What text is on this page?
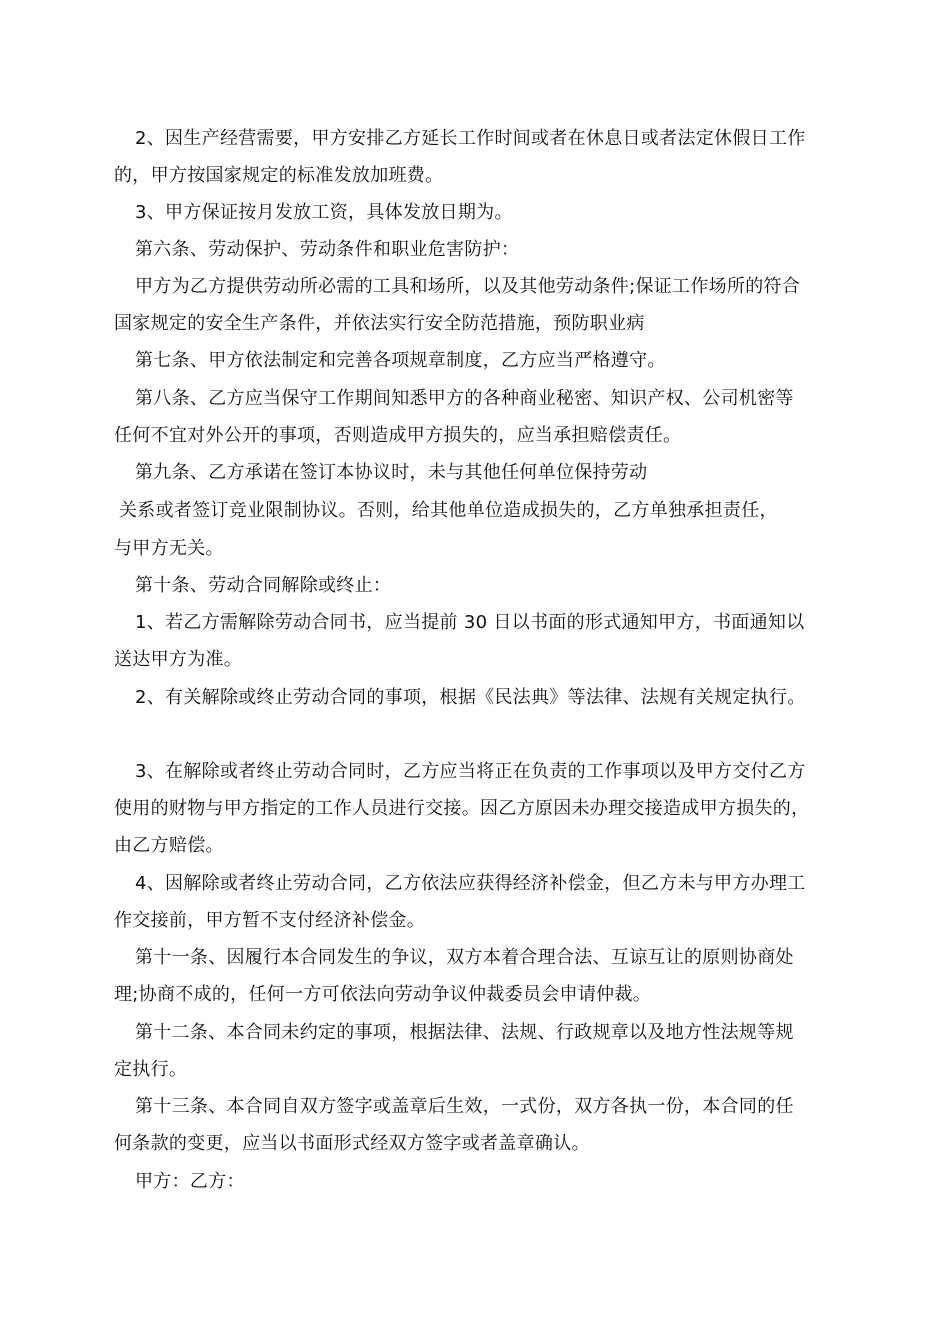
2、因生产经营需要，甲方安排乙方延长工作时间或者在休息日或者法定休假日工作
的，甲方按国家规定的标准发放加班费。
3、甲方保证按月发放工资，具体发放日期为。
第六条、劳动保护、劳动条件和职业危害防护：
甲方为乙方提供劳动所必需的工具和场所，以及其他劳动条件;保证工作场所的符合
国家规定的安全生产条件，并依法实行安全防范措施，预防职业病
第七条、甲方依法制定和完善各项规章制度，乙方应当严格遵守。
第八条、乙方应当保守工作期间知悉甲方的各种商业秘密、知识产权、公司机密等
任何不宜对外公开的事项，否则造成甲方损失的，应当承担赔偿责任。
第九条、乙方承诺在签订本协议时，未与其他任何单位保持劳动
关系或者签订竞业限制协议。否则，给其他单位造成损失的，乙方单独承担责任，
与甲方无关。
第十条、劳动合同解除或终止：
1、若乙方需解除劳动合同书，应当提前 30 日以书面的形式通知甲方，书面通知以
送达甲方为准。
2、有关解除或终止劳动合同的事项，根据《民法典》等法律、法规有关规定执行。
3、在解除或者终止劳动合同时，乙方应当将正在负责的工作事项以及甲方交付乙方
使用的财物与甲方指定的工作人员进行交接。因乙方原因未办理交接造成甲方损失的，
由乙方赔偿。
4、因解除或者终止劳动合同，乙方依法应获得经济补偿金，但乙方未与甲方办理工
作交接前，甲方暂不支付经济补偿金。
第十一条、因履行本合同发生的争议，双方本着合理合法、互谅互让的原则协商处
理;协商不成的，任何一方可依法向劳动争议仲裁委员会申请仲裁。
第十二条、本合同未约定的事项，根据法律、法规、行政规章以及地方性法规等规
定执行。
第十三条、本合同自双方签字或盖章后生效，一式份，双方各执一份，本合同的任
何条款的变更，应当以书面形式经双方签字或者盖章确认。
甲方：乙方：
